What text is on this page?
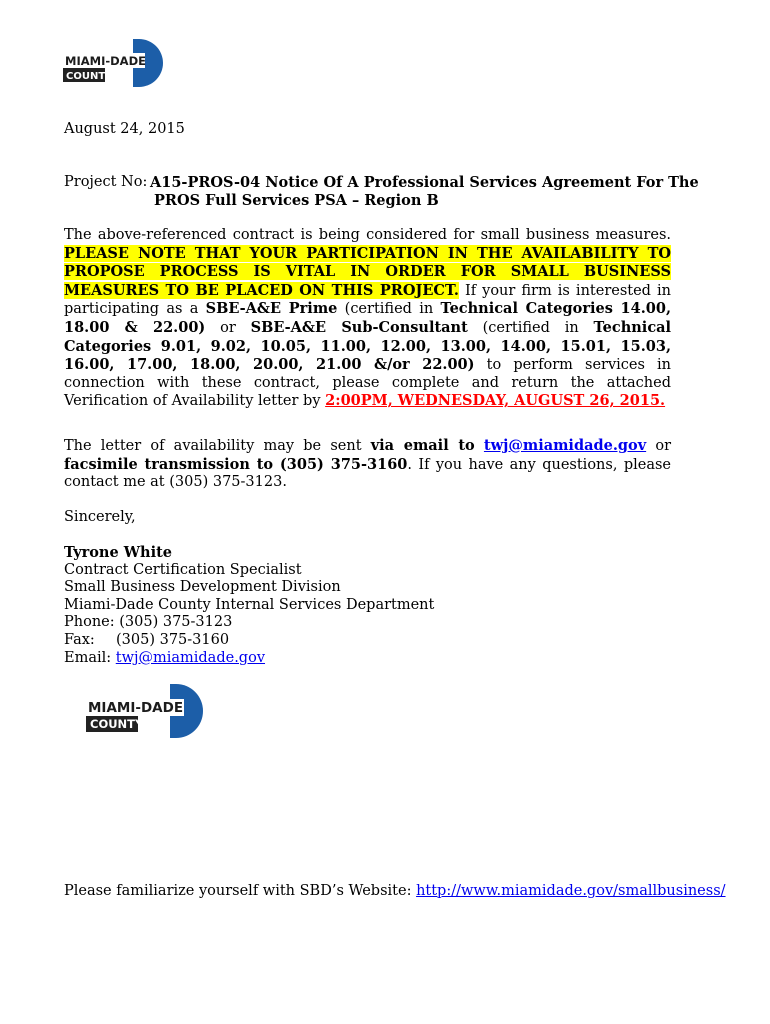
MIAMI-DADE
COUNTY
August 24, 2015
Project No: A15-PROS-04 Notice Of A Professional Services Agreement For The
PROS Full Services PSA – Region B
The above-referenced contract is being considered for small business measures. PLEASE NOTE THAT YOUR PARTICIPATION IN THE AVAILABILITY TO PROPOSE PROCESS IS VITAL IN ORDER FOR SMALL BUSINESS MEASURES TO BE PLACED ON THIS PROJECT. If your firm is interested in participating as a SBE-A&E Prime (certified in Technical Categories 14.00, 18.00 & 22.00) or SBE-A&E Sub-Consultant (certified in Technical Categories 9.01, 9.02, 10.05, 11.00, 12.00, 13.00, 14.00, 15.01, 15.03, 16.00, 17.00, 18.00, 20.00, 21.00 &/or 22.00) to perform services in connection with these contract, please complete and return the attached Verification of Availability letter by 2:00PM, WEDNESDAY, AUGUST 26, 2015.
The letter of availability may be sent via email to twj@miamidade.gov or facsimile transmission to (305) 375-3160. If you have any questions, please contact me at (305) 375-3123.
Sincerely,
Tyrone White
Contract Certification Specialist
Small Business Development Division
Miami-Dade County Internal Services Department
Phone: (305) 375-3123
Fax: (305) 375-3160
Email: twj@miamidade.gov
MIAMI-DADE
COUNTY
Please familiarize yourself with SBD’s Website: http://www.miamidade.gov/smallbusiness/
